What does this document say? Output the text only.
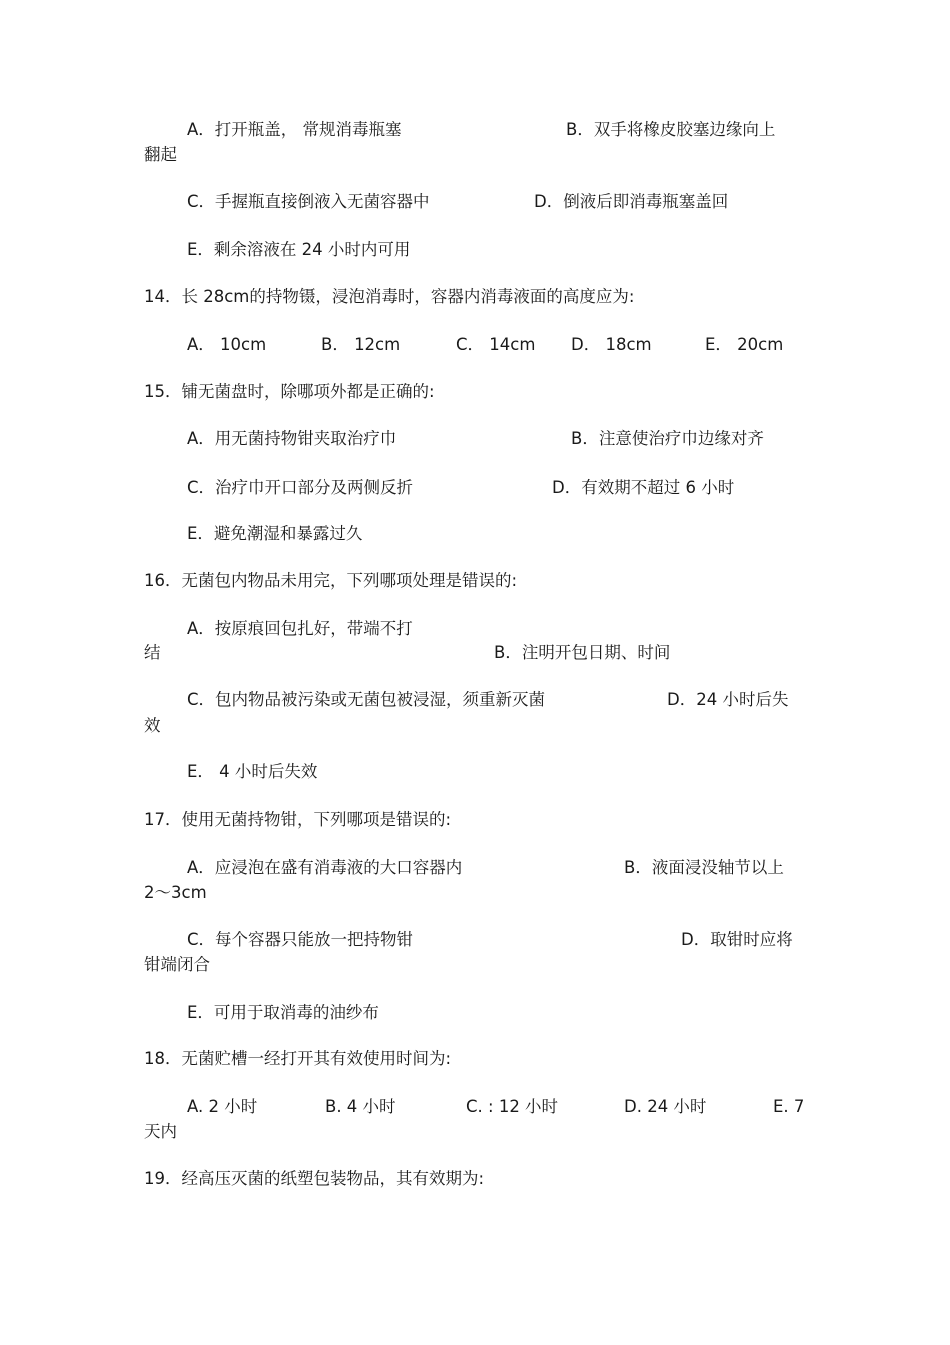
A．打开瓶盖， 常规消毒瓶塞	B．双手将橡皮胶塞边缘向上

翻起

C．手握瓶直接倒液入无菌容器中	D．倒液后即消毒瓶塞盖回

E．剩余溶液在 24 小时内可用

14．长 28cm的持物镊，浸泡消毒时，容器内消毒液面的高度应为:

A． 10cm	B． 12cm	C． 14cm D． 18cm	E． 20cm

15．铺无菌盘时，除哪项外都是正确的:

A．用无菌持物钳夹取治疗巾	B．注意使治疗巾边缘对齐

C．治疗巾开口部分及两侧反折	D．有效期不超过 6 小时

E．避免潮湿和暴露过久

16．无菌包内物品未用完，下列哪项处理是错误的:

A．按原痕回包扎好，带端不打

结	B．注明开包日期、时间

C．包内物品被污染或无菌包被浸湿，须重新灭菌	D．24 小时后失

效

E． 4 小时后失效

17．使用无菌持物钳，下列哪项是错误的:

A．应浸泡在盛有消毒液的大口容器内	B．液面浸没轴节以上

2～3cm

C．每个容器只能放一把持物钳	D．取钳时应将

钳端闭合

E．可用于取消毒的油纱布

18．无菌贮槽一经打开其有效使用时间为:

A. 2 小时	B. 4 小时	C. : 12 小时	D. 24 小时	E. 7

天内

19．经高压灭菌的纸塑包装物品，其有效期为:
